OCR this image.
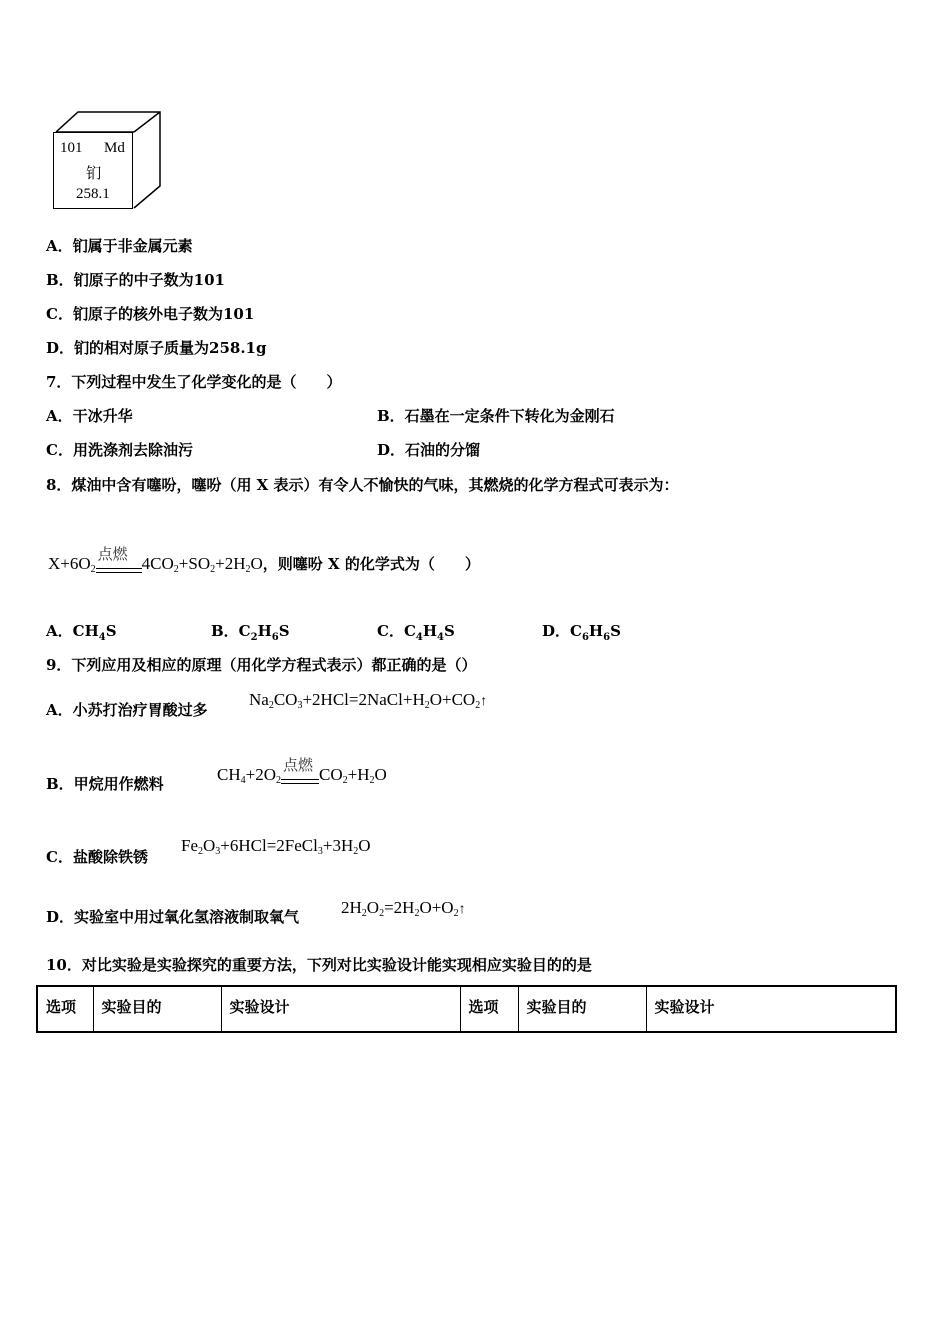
101 Md
钔
258.1
A．钔属于非金属元素
B．钔原子的中子数为101
C．钔原子的核外电子数为101
D．钔的相对原子质量为258.1g
7．下列过程中发生了化学变化的是（　　）
A．干冰升华	B．石墨在一定条件下转化为金刚石
C．用洗涤剂去除油污	D．石油的分馏
8．煤油中含有噻吩，噻吩（用 X 表示）有令人不愉快的气味，其燃烧的化学方程式可表示为：
$X+6O_2$
点燃 $4CO_2+SO_2+2H_2O$，则噻吩 X 的化学式为（　　）
A．$CH_4S$	B．$C_2H_6S$	C．$C_4H_4S$	D．$C_6H_6S$
9．下列应用及相应的原理（用化学方程式表示）都正确的是（）
A．小苏打治疗胃酸过多
$Na_2CO_3+2HCl=2NaCl+H_2O+CO_2↑$
B．甲烷用作燃料	$CH_4+2O_2$
点燃 $CO_2+H_2O$
C．盐酸除铁锈
$Fe_2O_3+6HCl=2FeCl_3+3H_2O$
D．实验室中用过氧化氢溶液制取氧气 $2H_2O_2=2H_2O+O_2↑$
10．对比实验是实验探究的重要方法，下列对比实验设计能实现相应实验目的的是
选项	实验目的	实验设计	选项	实验目的	实验设计
